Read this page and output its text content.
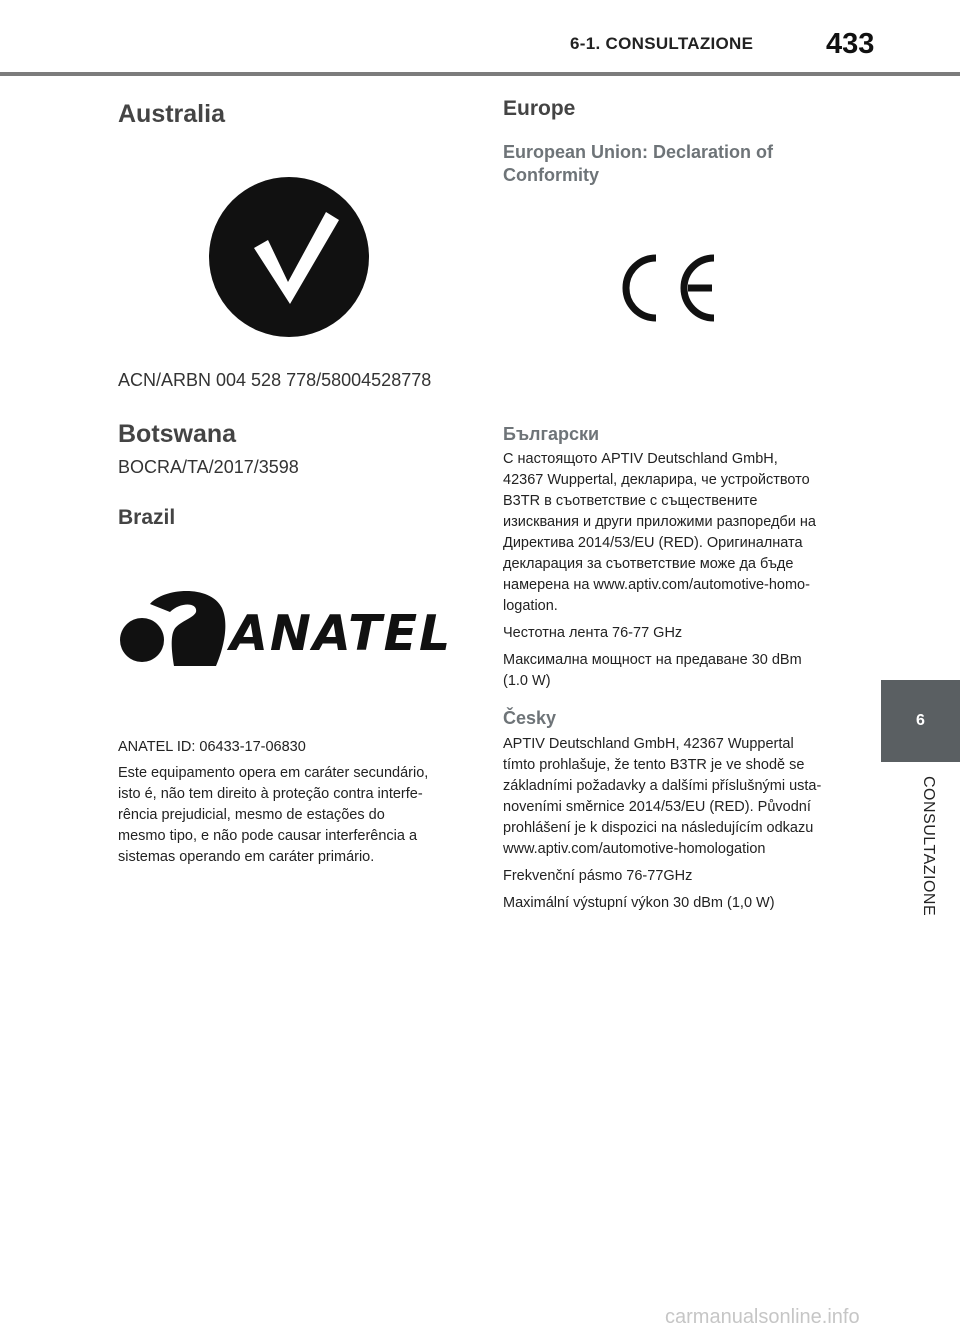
6-1. CONSULTAZIONE	433
Australia
ACN/ARBN 004 528 778/58004528778
Botswana
BOCRA/TA/2017/3598
Brazil
ANATEL
ANATEL ID: 06433-17-06830
Este equipamento opera em caráter secundário,
isto é, não tem direito à proteção contra interfe-
rência prejudicial, mesmo de estações do
mesmo tipo, e não pode causar interferência a
sistemas operando em caráter primário.
Europe
European Union: Declaration of
Conformity
Български
С настоящото APTIV Deutschland GmbH,
42367 Wuppertal, декларира, че устройството
B3TR в съответствие с съществените
изисквания и други приложими разпоредби на
Директива 2014/53/EU (RED). Оригиналната
декларация за съответствие може да бъде
намерена на www.aptiv.com/automotive-homo-
logation.
Честотна лента 76-77 GHz
Максимална мощност на предаване 30 dBm
(1.0 W)
Česky
APTIV Deutschland GmbH, 42367 Wuppertal
tímto prohlašuje, že tento B3TR je ve shodě se
základními požadavky a dalšími příslušnými usta-
noveními směrnice 2014/53/EU (RED). Původní
prohlášení je k dispozici na následujícím odkazu
www.aptiv.com/automotive-homologation
Frekvenční pásmo 76-77GHz
Maximální výstupní výkon 30 dBm (1,0 W)
6
CONSULTAZIONE
carmanualsonline.info
